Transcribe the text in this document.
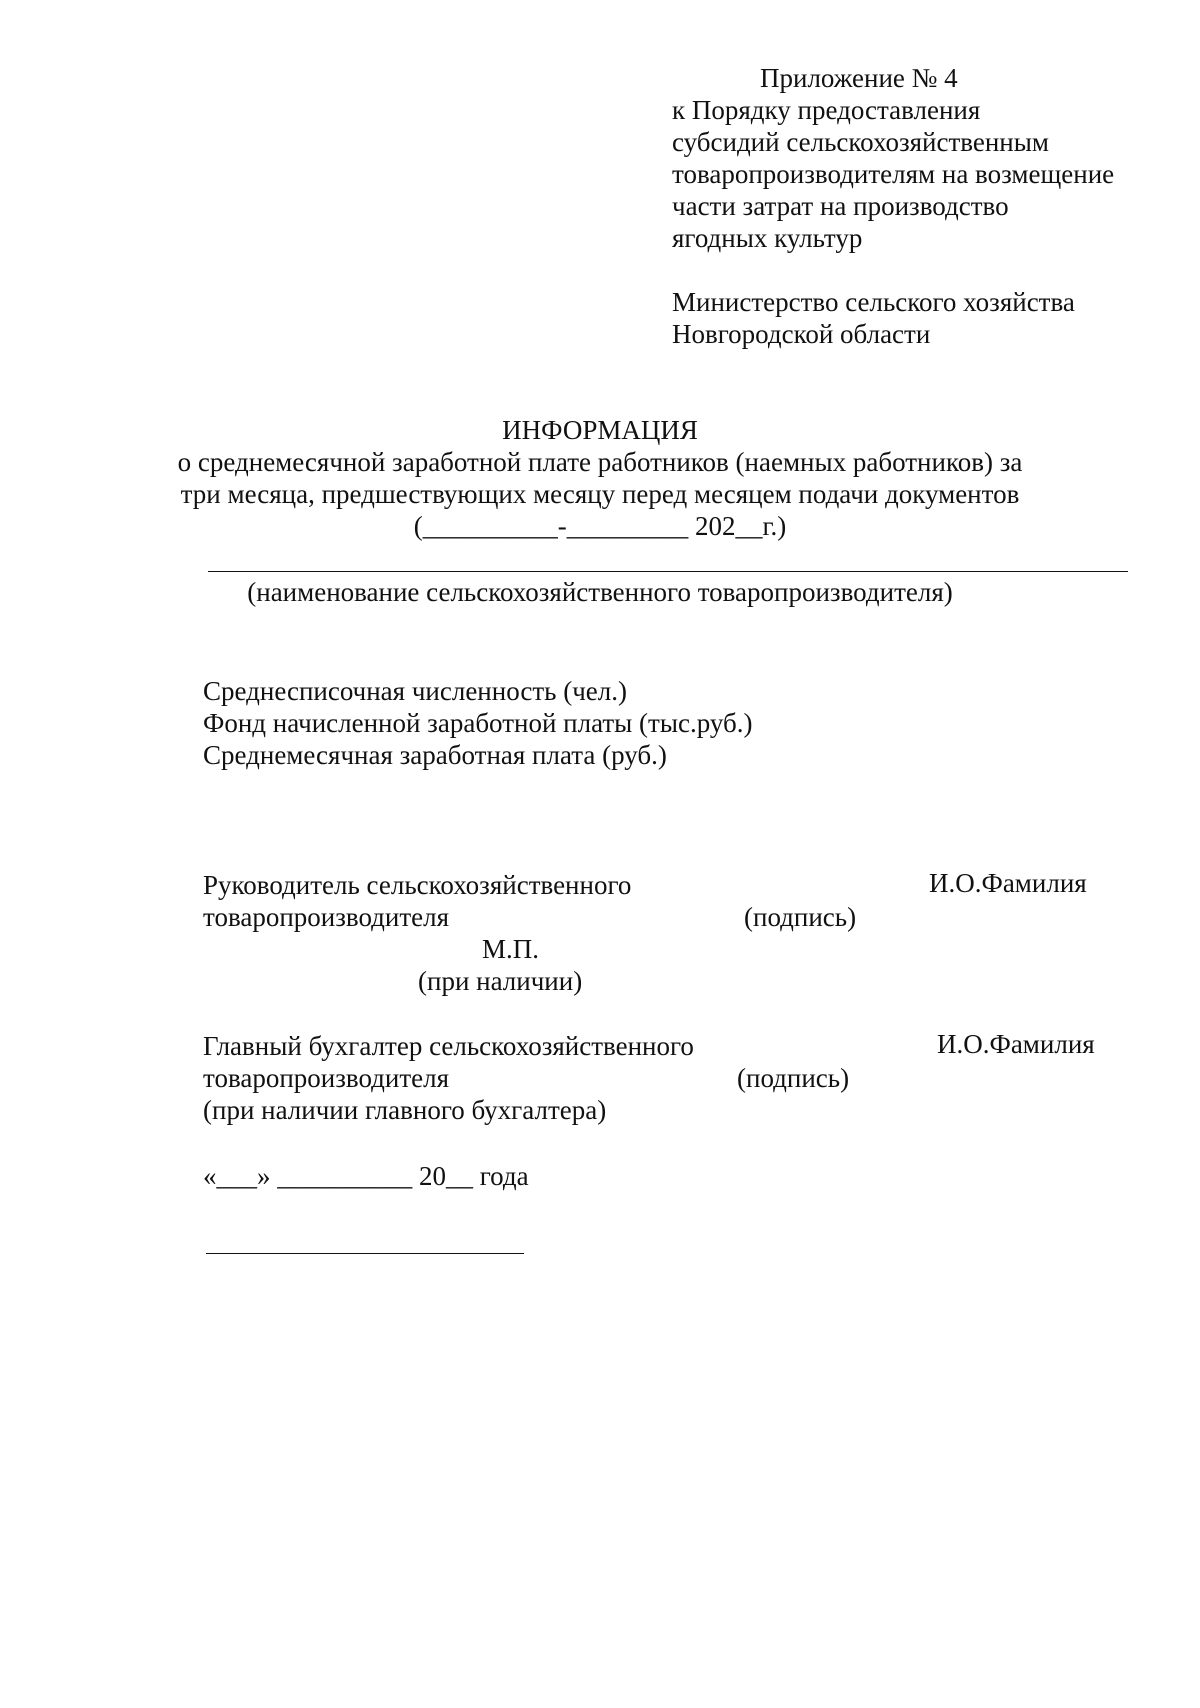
Приложение № 4

к Порядку предоставления

субсидий сельскохозяйственным

товаропроизводителям на возмещение

части затрат на производство

ягодных культур

Министерство сельского хозяйства

Новгородской области

ИНФОРМАЦИЯ

о среднемесячной заработной плате работников (наемных работников) за

три месяца, предшествующих месяцу перед месяцем подачи документов

(__________-_________ 202__г.)

(наименование сельскохозяйственного товаропроизводителя)

Среднесписочная численность (чел.)

Фонд начисленной заработной платы (тыс.руб.)

Среднемесячная заработная плата (руб.)

Руководитель сельскохозяйственного

товаропроизводителя	(подпись)

И.О.Фамилия

М.П.

(при наличии)

Главный бухгалтер сельскохозяйственного

товаропроизводителя

(при наличии главного бухгалтера)

(подпись)

И.О.Фамилия

«___» __________ 20__ года
